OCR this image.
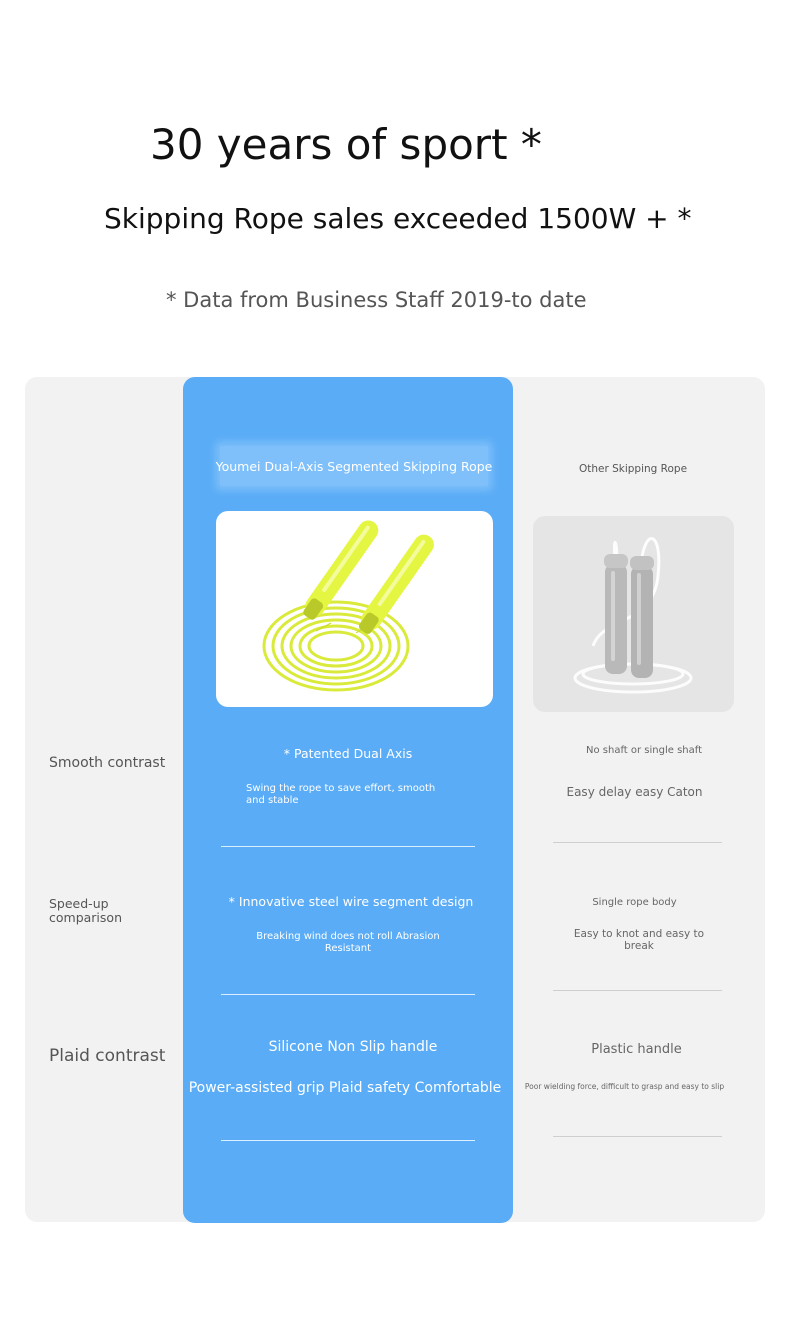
30 years of sport *
Skipping Rope sales exceeded 1500W + *
* Data from Business Staff 2019-to date
Youmei Dual-Axis Segmented Skipping Rope	Other Skipping Rope
Smooth contrast
Speed-up comparison
Plaid contrast
* Patented Dual Axis
Swing the rope to save effort, smooth and stable
* Innovative steel wire segment design
Breaking wind does not roll Abrasion Resistant
Silicone Non Slip handle
Power-assisted grip Plaid safety Comfortable
No shaft or single shaft
Easy delay easy Caton
Single rope body
Easy to knot and easy to break
Plastic handle
Poor wielding force, difficult to grasp and easy to slip
